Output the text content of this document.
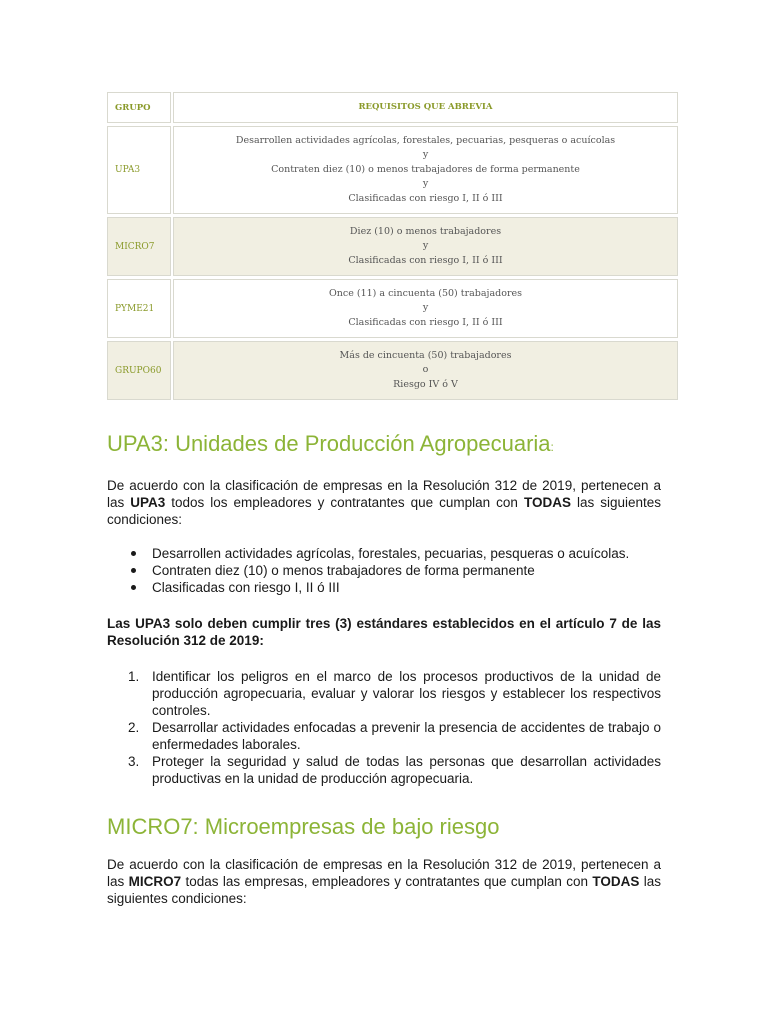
GRUPO	REQUISITOS QUE ABREVIA
UPA3
Desarrollen actividades agrícolas, forestales, pecuarias, pesqueras o acuícolas
y
Contraten diez (10) o menos trabajadores de forma permanente
y
Clasificadas con riesgo I, II ó III
MICRO7
Diez (10) o menos trabajadores
y
Clasificadas con riesgo I, II ó III
PYME21
Once (11) a cincuenta (50) trabajadores
y
Clasificadas con riesgo I, II ó III
GRUPO60
Más de cincuenta (50) trabajadores
o
Riesgo IV ó V
UPA3: Unidades de Producción Agropecuaria:

De acuerdo con la clasificación de empresas en la Resolución 312 de 2019, pertenecen a las UPA3 todos los empleadores y contratantes que cumplan con TODAS las siguientes condiciones:

Desarrollen actividades agrícolas, forestales, pecuarias, pesqueras o acuícolas.
Contraten diez (10) o menos trabajadores de forma permanente
Clasificadas con riesgo I, II ó III

Las UPA3 solo deben cumplir tres (3) estándares establecidos en el artículo 7 de las Resolución 312 de 2019:

1. Identificar los peligros en el marco de los procesos productivos de la unidad de producción agropecuaria, evaluar y valorar los riesgos y establecer los respectivos controles.
2. Desarrollar actividades enfocadas a prevenir la presencia de accidentes de trabajo o enfermedades laborales.
3. Proteger la seguridad y salud de todas las personas que desarrollan actividades productivas en la unidad de producción agropecuaria.
MICRO7: Microempresas de bajo riesgo

De acuerdo con la clasificación de empresas en la Resolución 312 de 2019, pertenecen a las MICRO7 todas las empresas, empleadores y contratantes que cumplan con TODAS las siguientes condiciones:
